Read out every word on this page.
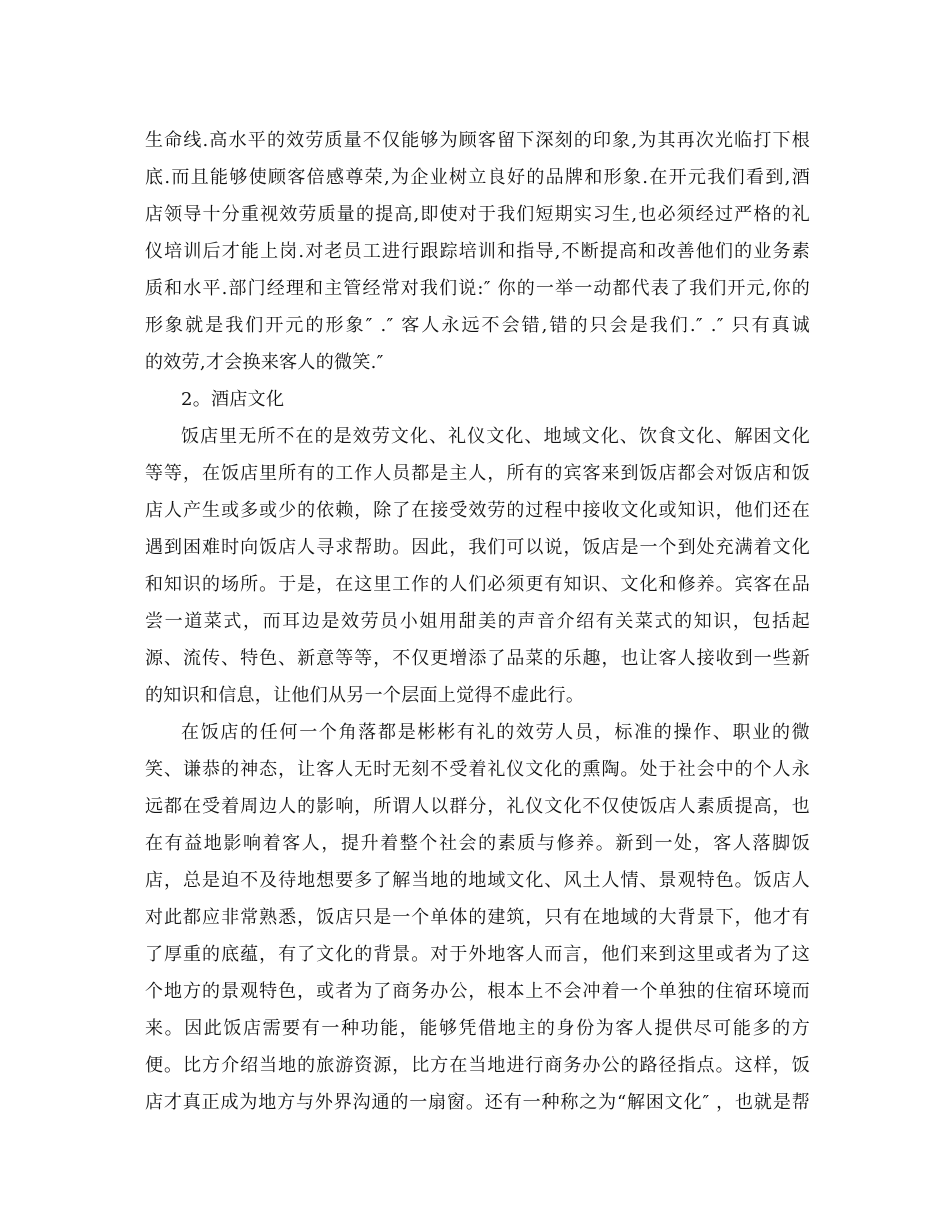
生命线.高水平的效劳质量不仅能够为顾客留下深刻的印象,为其再次光临打下根
底.而且能够使顾客倍感尊荣,为企业树立良好的品牌和形象.在开元我们看到,酒
店领导十分重视效劳质量的提高,即使对于我们短期实习生,也必须经过严格的礼
仪培训后才能上岗.对老员工进行跟踪培训和指导,不断提高和改善他们的业务素
质和水平.部门经理和主管经常对我们说:″ 你的一举一动都代表了我们开元,你的
形象就是我们开元的形象″ .″ 客人永远不会错,错的只会是我们.″ .″ 只有真诚
的效劳,才会换来客人的微笑.″
2。酒店文化
饭店里无所不在的是效劳文化、礼仪文化、地域文化、饮食文化、解困文化
等等，在饭店里所有的工作人员都是主人，所有的宾客来到饭店都会对饭店和饭
店人产生或多或少的依赖，除了在接受效劳的过程中接收文化或知识，他们还在
遇到困难时向饭店人寻求帮助。因此，我们可以说，饭店是一个到处充满着文化
和知识的场所。于是，在这里工作的人们必须更有知识、文化和修养。宾客在品
尝一道菜式，而耳边是效劳员小姐用甜美的声音介绍有关菜式的知识，包括起
源、流传、特色、新意等等，不仅更增添了品菜的乐趣，也让客人接收到一些新
的知识和信息，让他们从另一个层面上觉得不虚此行。
在饭店的任何一个角落都是彬彬有礼的效劳人员，标准的操作、职业的微
笑、谦恭的神态，让客人无时无刻不受着礼仪文化的熏陶。处于社会中的个人永
远都在受着周边人的影响，所谓人以群分，礼仪文化不仅使饭店人素质提高，也
在有益地影响着客人，提升着整个社会的素质与修养。新到一处，客人落脚饭
店，总是迫不及待地想要多了解当地的地域文化、风土人情、景观特色。饭店人
对此都应非常熟悉，饭店只是一个单体的建筑，只有在地域的大背景下，他才有
了厚重的底蕴，有了文化的背景。对于外地客人而言，他们来到这里或者为了这
个地方的景观特色，或者为了商务办公，根本上不会冲着一个单独的住宿环境而
来。因此饭店需要有一种功能，能够凭借地主的身份为客人提供尽可能多的方
便。比方介绍当地的旅游资源，比方在当地进行商务办公的路径指点。这样，饭
店才真正成为地方与外界沟通的一扇窗。还有一种称之为“解困文化″ ，也就是帮
